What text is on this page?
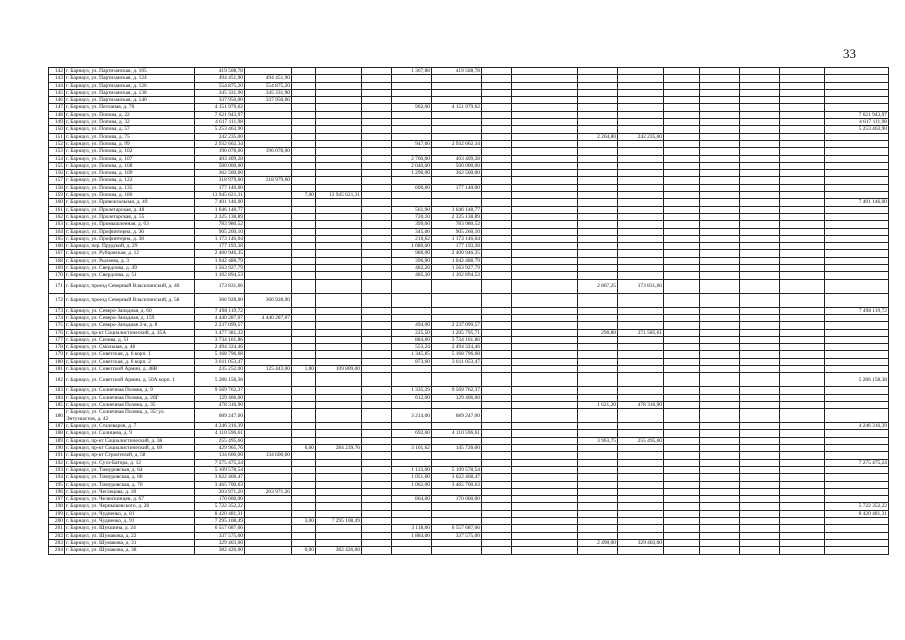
33
142	г. Барнаул, ул. Партизанская, д. 105	419 508,78					1 367,88	419 508,78									
143	г. Барнаул, ул. Партизанская, д. 124	494 451,90	494 451,90														
144	г. Барнаул, ул. Партизанская, д. 126	554 875,20	554 875,20														
145	г. Барнаул, ул. Партизанская, д. 138	345 331,90	345 331,90														
146	г. Барнаул, ул. Партизанская, д. 140	337 950,00	337 950,00														
147	г. Барнаул, ул. Песчаная, д. 76	4 151 979,62					902,00	4 151 979,62									
148	г. Барнаул, ул. Попова, д. 22	7 621 943,97															7 621 943,97
149	г. Барнаул, ул. Попова, д. 32	4 617 111,98															4 617 111,98
150	г. Барнаул, ул. Попова, д. 57	5 253 463,90															5 253 463,90
151	г. Барнаул, ул. Попова, д. 75	242 235,00									2 264,80	242 235,00					
152	г. Барнаул, ул. Попова, д. 99	2 932 662,34					947,00	2 932 662,34									
153	г. Барнаул, ул. Попова, д. 102	196 078,00	196 078,00														
154	г. Барнаул, ул. Попова, д. 107	403 409,28					2 760,00	403 409,28									
155	г. Барнаул, ул. Попова, д. 108	500 000,00					2 040,00	500 000,00									
156	г. Барнаул, ул. Попова, д. 109	362 500,00					1 296,00	362 500,00									
157	г. Барнаул, ул. Попова, д. 122	318 979,60	318 979,60														
158	г. Барнаул, ул. Попова, д. 135	177 140,00					600,00	177 140,00									
159	г. Барнаул, ул. Попова, д. 186	13 945 621,31		7,00	13 945 621,31												
160	г. Барнаул, ул. Привокзальная, д. 49	7 401 146,00															7 401 146,00
161	г. Барнаул, ул. Пролетарская, д. 48	1 646 148,77					561,90	1 646 148,77									
162	г. Барнаул, ул. Пролетарская, д. 55	2 325 138,89					720,10	2 325 138,89									
163	г. Барнаул, ул. Промышленная, д. 63	783 980,52					399,00	783 980,52									
164	г. Барнаул, ул. Профинтерна, д. 36	905 260,10					345,00	905 260,10									
165	г. Барнаул, ул. Профинтерна, д. 38	1 173 146,04					210,62	1 173 146,04									
166	г. Барнаул, пер. Прудской, д. 29	177 193,38					1 080,00	177 193,38									
167	г. Барнаул, ул. Рубцовская, д. 12	2 400 946,35					980,00	2 400 946,35									
168	г. Барнаул, ул. Рылеева, д. 3	1 042 488,79					396,90	1 042 488,79									
169	г. Барнаул, ул. Свердлова, д. 49	1 563 927,79					482,20	1 563 927,79									
170	г. Барнаул, ул. Свердлова, д. 51	1 102 894,53					485,30	1 102 894,53									
171	г. Барнаул, проезд Северный Власихинский, д. 40	173 831,66									2 867,25	173 831,66					
172	г. Барнаул, проезд Северный Власихинский, д. 58	366 928,00	366 928,00														
173	г. Барнаул, ул. Северо-Западная, д. 60	7 498 119,72															7 498 119,72
174	г. Барнаул, ул. Северо-Западная, д. 159	4 440 287,07	4 440 287,07														
175	г. Барнаул, ул. Северо-Западная 2-я, д. 8	2 237 099,57					494,00	2 237 099,57									
176	г. Барнаул, пр-кт Социалистический, д. 35А	1 477 381,32					225,50	1 205 795,71			290,80	271 585,61					
177	г. Барнаул, ул. Сизова, д. 51	3 734 161,86					884,00	3 734 161,86									
178	г. Барнаул, ул. Смольная, д. 48	2 494 324,46					553,24	2 494 324,46									
179	г. Барнаул, ул. Советская, д. 6 корп. 1	5 168 796,68					1 345,85	5 168 796,68									
180	г. Барнаул, ул. Советская, д. 6 корп. 2	3 611 053,47					873,60	3 611 053,47									
181	г. Барнаул, ул. Советской Армии, д. 48В	235 252,00	125 443,00	1,00	109 809,00												
182	г. Барнаул, ул. Советской Армии, д. 50А корп. 1	5 286 158,38															5 286 158,38
183	г. Барнаул, ул. Солнечная Поляна, д. 9	9 569 762,37					1 335,29	9 569 762,37									
184	г. Барнаул, ул. Солнечная Поляна, д. 20Г	129 406,00					612,00	129 406,00									
185	г. Барнаул, ул. Солнечная Поляна, д. 35	478 316,90									1 621,20	478 316,90					
186	г. Барнаул, ул. Солнечная Поляна, д. 35/ ул. Энтузиастов, д. 42	689 247,00					3 214,00	689 247,00									
187	г. Барнаул, ул. Сталеваров, д. 7	4 246 316,39															4 246 316,39
188	г. Барнаул, ул. Солнцева, д. 9	4 110 596,61					692,00	4 110 596,61									
189	г. Барнаул, пр-кт Социалистический, д. 38	255 495,60									3 963,75	255 495,60					
190	г. Барнаул, пр-кт Социалистический, д. 69	429 965,76		6,00	284 239,76		3 101,62	145 726,00									
191	г. Барнаул, пр-кт Строителей, д. 58	134 600,00	134 600,00														
192	г. Барнаул, ул. Сухэ-Батора, д. 12	7 275 475,24															7 275 475,24
193	г. Барнаул, ул. Тимуровская, д. 64	5 109 578,54					1 133,00	5 109 578,54									
194	г. Барнаул, ул. Тимуровская, д. 68	3 622 468,47					1 051,60	3 622 468,47									
195	г. Барнаул, ул. Тимуровская, д. 70	3 465 700,63					1 062,00	3 465 700,63									
196	г. Барнаул, ул. Чеглецова, д. 18	203 971,20	203 971,20														
197	г. Барнаул, ул. Челюскинцев, д. 67	170 000,00					864,00	170 000,00									
198	г. Барнаул, ул. Чернышевского, д. 28	5 722 352,22															5 722 352,22
199	г. Барнаул, ул. Чудненко, д. 81	8 420 481,31															8 420 481,31
200	г. Барнаул, ул. Чудненко, д. 91	7 295 108,49		3,00	7 295 108,49												
201	г. Барнаул, ул. Шукшина, д. 24	6 557 687,06					3 118,00	6 557 687,06									
202	г. Барнаул, ул. Шумакова, д. 22	337 575,00					1 884,00	337 575,00									
203	г. Барнаул, ул. Шумакова, д. 31	329 403,00									2 490,00	329 403,00					
204	г. Барнаул, ул. Шумакова, д. 38	382 426,00		6,00	382 426,00												
